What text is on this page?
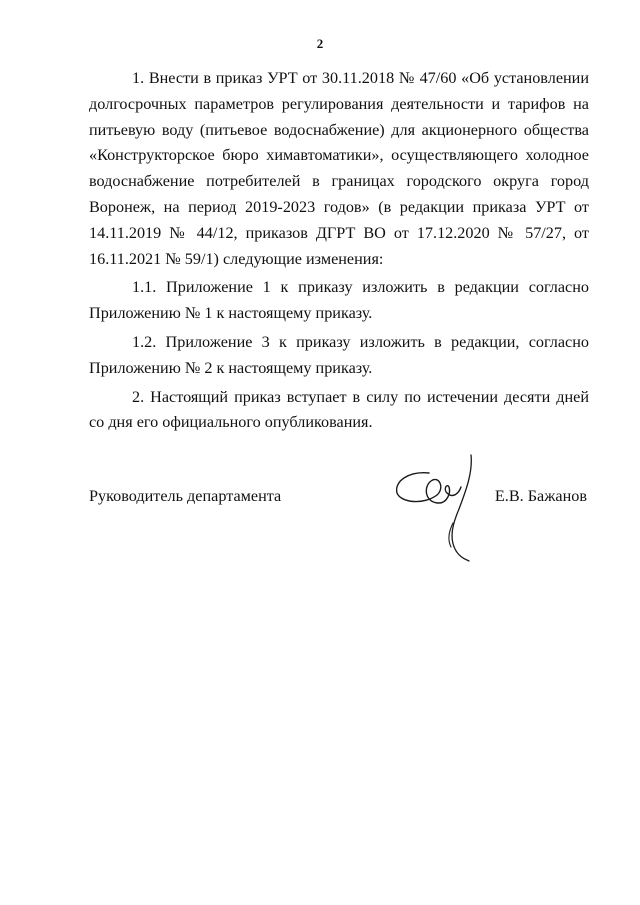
2

1. Внести в приказ УРТ от 30.11.2018 № 47/60 «Об установлении долгосрочных параметров регулирования деятельности и тарифов на питьевую воду (питьевое водоснабжение) для акционерного общества «Конструкторское бюро химавтоматики», осуществляющего холодное водоснабжение потребителей в границах городского округа город Воронеж, на период 2019-2023 годов» (в редакции приказа УРТ от 14.11.2019 № 44/12, приказов ДГРТ ВО от 17.12.2020 № 57/27, от 16.11.2021 № 59/1) следующие изменения:

1.1. Приложение 1 к приказу изложить в редакции согласно Приложению № 1 к настоящему приказу.

1.2. Приложение 3 к приказу изложить в редакции, согласно Приложению № 2 к настоящему приказу.

2. Настоящий приказ вступает в силу по истечении десяти дней со дня его официального опубликования.

Руководитель департамента	Е.В. Бажанов
